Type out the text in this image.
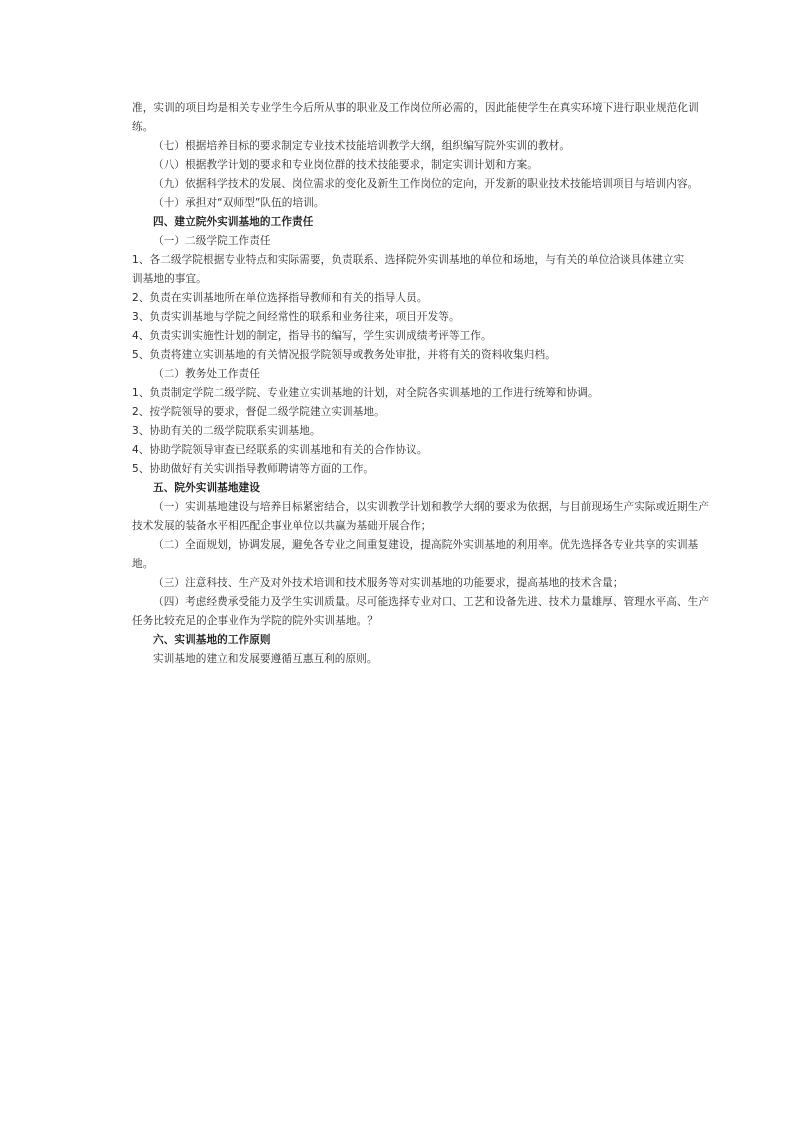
准，实训的项目均是相关专业学生今后所从事的职业及工作岗位所必需的，因此能使学生在真实环境下进行职业规范化训
练。
（七）根据培养目标的要求制定专业技术技能培训教学大纲，组织编写院外实训的教材。
（八）根据教学计划的要求和专业岗位群的技术技能要求，制定实训计划和方案。
（九）依据科学技术的发展、岗位需求的变化及新生工作岗位的定向，开发新的职业技术技能培训项目与培训内容。
（十）承担对“双师型”队伍的培训。
四、建立院外实训基地的工作责任
（一）二级学院工作责任
1、各二级学院根据专业特点和实际需要，负责联系、选择院外实训基地的单位和场地，与有关的单位洽谈具体建立实
训基地的事宜。
2、负责在实训基地所在单位选择指导教师和有关的指导人员。
3、负责实训基地与学院之间经常性的联系和业务往来，项目开发等。
4、负责实训实施性计划的制定，指导书的编写，学生实训成绩考评等工作。
5、负责将建立实训基地的有关情况报学院领导或教务处审批，并将有关的资料收集归档。
（二）教务处工作责任
1、负责制定学院二级学院、专业建立实训基地的计划，对全院各实训基地的工作进行统筹和协调。
2、按学院领导的要求，督促二级学院建立实训基地。
3、协助有关的二级学院联系实训基地。
4、协助学院领导审查已经联系的实训基地和有关的合作协议。
5、协助做好有关实训指导教师聘请等方面的工作。
五、院外实训基地建设
（一）实训基地建设与培养目标紧密结合，以实训教学计划和教学大纲的要求为依据，与目前现场生产实际或近期生产
技术发展的装备水平相匹配企事业单位以共赢为基础开展合作；
（二）全面规划，协调发展，避免各专业之间重复建设，提高院外实训基地的利用率。优先选择各专业共享的实训基
地。
（三）注意科技、生产及对外技术培训和技术服务等对实训基地的功能要求，提高基地的技术含量；
（四）考虑经费承受能力及学生实训质量。尽可能选择专业对口、工艺和设备先进、技术力量雄厚、管理水平高、生产
任务比较充足的企事业作为学院的院外实训基地。？
六、实训基地的工作原则
实训基地的建立和发展要遵循互惠互利的原则。
